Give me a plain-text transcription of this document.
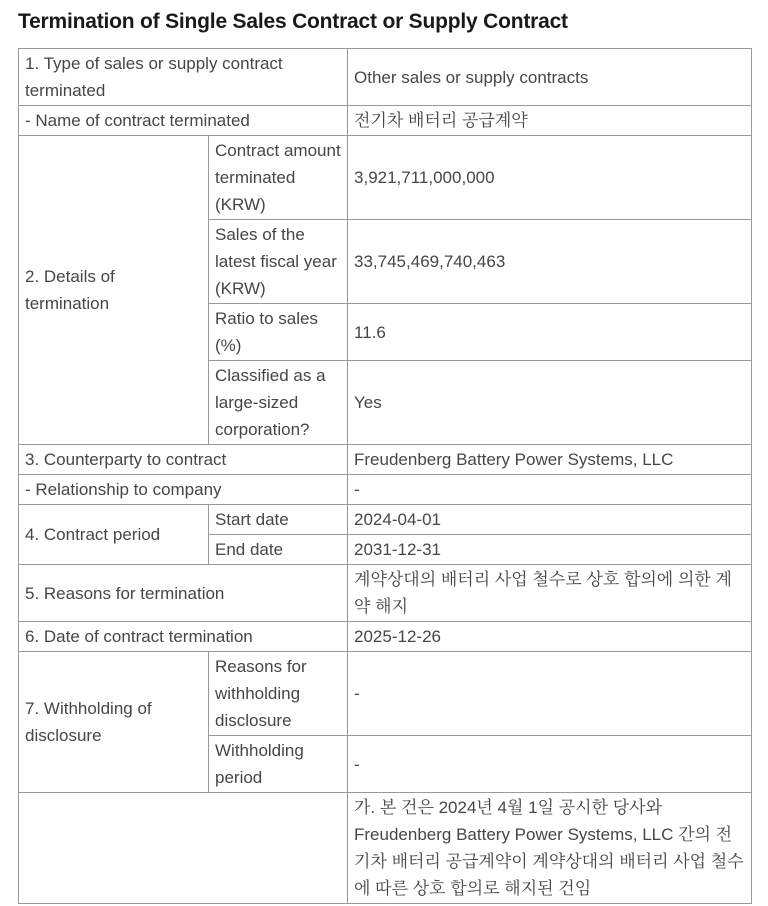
Termination of Single Sales Contract or Supply Contract
1. Type of sales or supply contract terminated		Other sales or supply contracts
- Name of contract terminated		전기차 배터리 공급계약
2. Details of termination	Contract amount terminated (KRW)	3,921,711,000,000
	Sales of the latest fiscal year (KRW)	33,745,469,740,463
	Ratio to sales (%)	11.6
	Classified as a large-sized corporation?	Yes
3. Counterparty to contract		Freudenberg Battery Power Systems, LLC
- Relationship to company		-
4. Contract period	Start date	2024-04-01
	End date	2031-12-31
5. Reasons for termination		계약상대의 배터리 사업 철수로 상호 합의에 의한 계약 해지
6. Date of contract termination		2025-12-26
7. Withholding of disclosure	Reasons for withholding disclosure	-
	Withholding period	-
		가. 본 건은 2024년 4월 1일 공시한 당사와 Freudenberg Battery Power Systems, LLC 간의 전기차 배터리 공급계약이 계약상대의 배터리 사업 철수에 따른 상호 합의로 해지된 건임
